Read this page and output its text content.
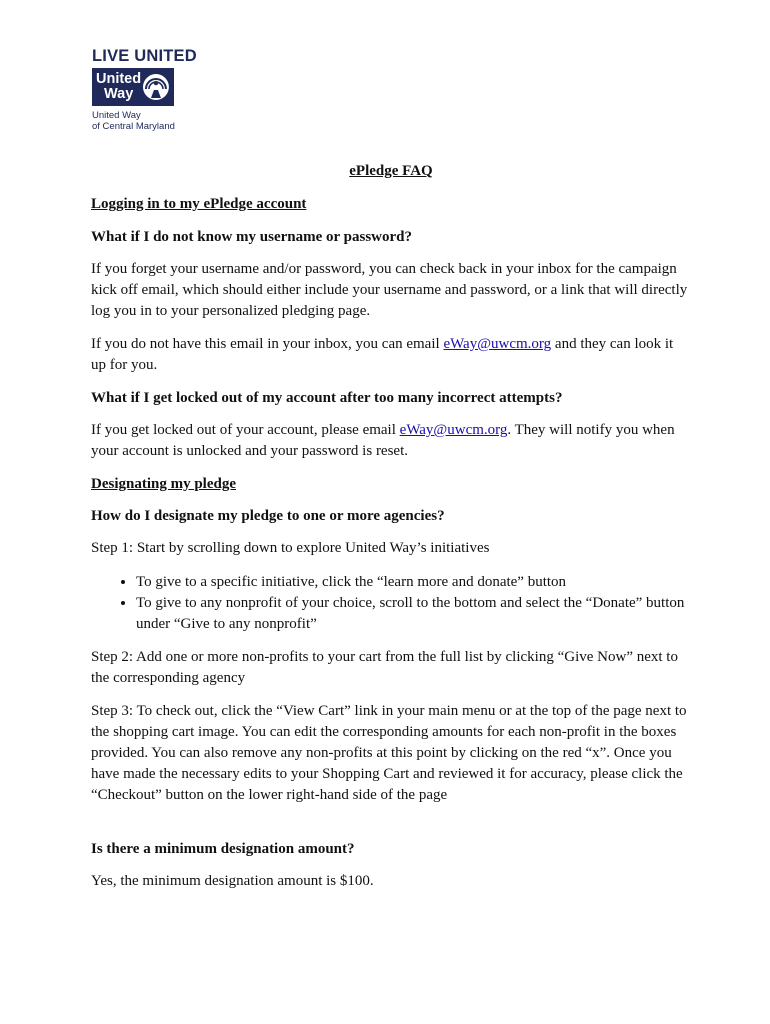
LIVE UNITED
United
Way
United Way
of Central Maryland
ePledge FAQ
Logging in to my ePledge account
What if I do not know my username or password?
If you forget your username and/or password, you can check back in your inbox for the campaign kick off email, which should either include your username and password, or a link that will directly log you in to your personalized pledging page.
If you do not have this email in your inbox, you can email eWay@uwcm.org and they can look it up for you.
What if I get locked out of my account after too many incorrect attempts?
If you get locked out of your account, please email eWay@uwcm.org. They will notify you when your account is unlocked and your password is reset.
Designating my pledge
How do I designate my pledge to one or more agencies?
Step 1: Start by scrolling down to explore United Way’s initiatives
• To give to a specific initiative, click the “learn more and donate” button
• To give to any nonprofit of your choice, scroll to the bottom and select the “Donate” button under “Give to any nonprofit”
Step 2: Add one or more non-profits to your cart from the full list by clicking “Give Now” next to the corresponding agency
Step 3: To check out, click the “View Cart” link in your main menu or at the top of the page next to the shopping cart image. You can edit the corresponding amounts for each non-profit in the boxes provided. You can also remove any non-profits at this point by clicking on the red “x”. Once you have made the necessary edits to your Shopping Cart and reviewed it for accuracy, please click the “Checkout” button on the lower right-hand side of the page
Is there a minimum designation amount?
Yes, the minimum designation amount is $100.
